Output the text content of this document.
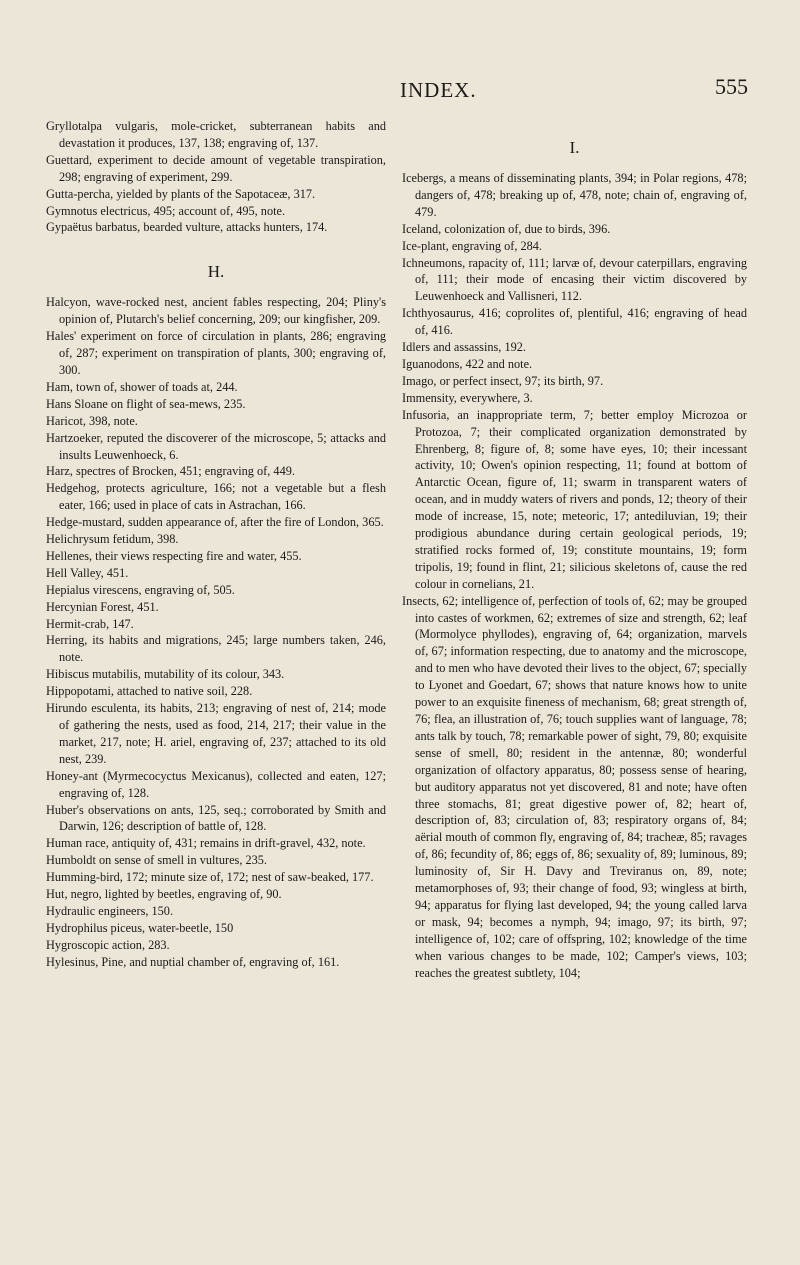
INDEX.	555

Gryllotalpa vulgaris, mole-cricket, subterranean habits and devastation it produces, 137, 138; engraving of, 137.

Guettard, experiment to decide amount of vegetable transpiration, 298; engraving of experiment, 299.

Gutta-percha, yielded by plants of the Sapotaceæ, 317.

Gymnotus electricus, 495; account of, 495, note.

Gypaëtus barbatus, bearded vulture, attacks hunters, 174.

H.

Halcyon, wave-rocked nest, ancient fables respecting, 204; Pliny's opinion of, Plutarch's belief concerning, 209; our kingfisher, 209.

Hales' experiment on force of circulation in plants, 286; engraving of, 287; experiment on transpiration of plants, 300; engraving of, 300.

Ham, town of, shower of toads at, 244.

Hans Sloane on flight of sea-mews, 235.

Haricot, 398, note.

Hartzoeker, reputed the discoverer of the microscope, 5; attacks and insults Leuwenhoeck, 6.

Harz, spectres of Brocken, 451; engraving of, 449.

Hedgehog, protects agriculture, 166; not a vegetable but a flesh eater, 166; used in place of cats in Astrachan, 166.

Hedge-mustard, sudden appearance of, after the fire of London, 365.

Helichrysum fetidum, 398.

Hellenes, their views respecting fire and water, 455.

Hell Valley, 451.

Hepialus virescens, engraving of, 505.

Hercynian Forest, 451.

Hermit-crab, 147.

Herring, its habits and migrations, 245; large numbers taken, 246, note.

Hibiscus mutabilis, mutability of its colour, 343.

Hippopotami, attached to native soil, 228.

Hirundo esculenta, its habits, 213; engraving of nest of, 214; mode of gathering the nests, used as food, 214, 217; their value in the market, 217, note; H. ariel, engraving of, 237; attached to its old nest, 239.

Honey-ant (Myrmecocyctus Mexicanus), collected and eaten, 127; engraving of, 128.

Huber's observations on ants, 125, seq.; corroborated by Smith and Darwin, 126; description of battle of, 128.

Human race, antiquity of, 431; remains in drift-gravel, 432, note.

Humboldt on sense of smell in vultures, 235.

Humming-bird, 172; minute size of, 172; nest of saw-beaked, 177.

Hut, negro, lighted by beetles, engraving of, 90.

Hydraulic engineers, 150.

Hydrophilus piceus, water-beetle, 150

Hygroscopic action, 283.

Hylesinus, Pine, and nuptial chamber of, engraving of, 161.

I.

Icebergs, a means of disseminating plants, 394; in Polar regions, 478; dangers of, 478; breaking up of, 478, note; chain of, engraving of, 479.

Iceland, colonization of, due to birds, 396.

Ice-plant, engraving of, 284.

Ichneumons, rapacity of, 111; larvæ of, devour caterpillars, engraving of, 111; their mode of encasing their victim discovered by Leuwenhoeck and Vallisneri, 112.

Ichthyosaurus, 416; coprolites of, plentiful, 416; engraving of head of, 416.

Idlers and assassins, 192.

Iguanodons, 422 and note.

Imago, or perfect insect, 97; its birth, 97.

Immensity, everywhere, 3.

Infusoria, an inappropriate term, 7; better employ Microzoa or Protozoa, 7; their complicated organization demonstrated by Ehrenberg, 8; figure of, 8; some have eyes, 10; their incessant activity, 10; Owen's opinion respecting, 11; found at bottom of Antarctic Ocean, figure of, 11; swarm in transparent waters of ocean, and in muddy waters of rivers and ponds, 12; theory of their mode of increase, 15, note; meteoric, 17; antediluvian, 19; their prodigious abundance during certain geological periods, 19; stratified rocks formed of, 19; constitute mountains, 19; form tripolis, 19; found in flint, 21; silicious skeletons of, cause the red colour in cornelians, 21.

Insects, 62; intelligence of, perfection of tools of, 62; may be grouped into castes of workmen, 62; extremes of size and strength, 62; leaf (Mormolyce phyllodes), engraving of, 64; organization, marvels of, 67; information respecting, due to anatomy and the microscope, and to men who have devoted their lives to the object, 67; specially to Lyonet and Goedart, 67; shows that nature knows how to unite power to an exquisite fineness of mechanism, 68; great strength of, 76; flea, an illustration of, 76; touch supplies want of language, 78; ants talk by touch, 78; remarkable power of sight, 79, 80; exquisite sense of smell, 80; resident in the antennæ, 80; wonderful organization of olfactory apparatus, 80; possess sense of hearing, but auditory apparatus not yet discovered, 81 and note; have often three stomachs, 81; great digestive power of, 82; heart of, description of, 83; circulation of, 83; respiratory organs of, 84; aërial mouth of common fly, engraving of, 84; tracheæ, 85; ravages of, 86; fecundity of, 86; eggs of, 86; sexuality of, 89; luminous, 89; luminosity of, Sir H. Davy and Treviranus on, 89, note; metamorphoses of, 93; their change of food, 93; wingless at birth, 94; apparatus for flying last developed, 94; the young called larva or mask, 94; becomes a nymph, 94; imago, 97; its birth, 97; intelligence of, 102; care of offspring, 102; knowledge of the time when various changes to be made, 102; Camper's views, 103; reaches the greatest subtlety, 104;
